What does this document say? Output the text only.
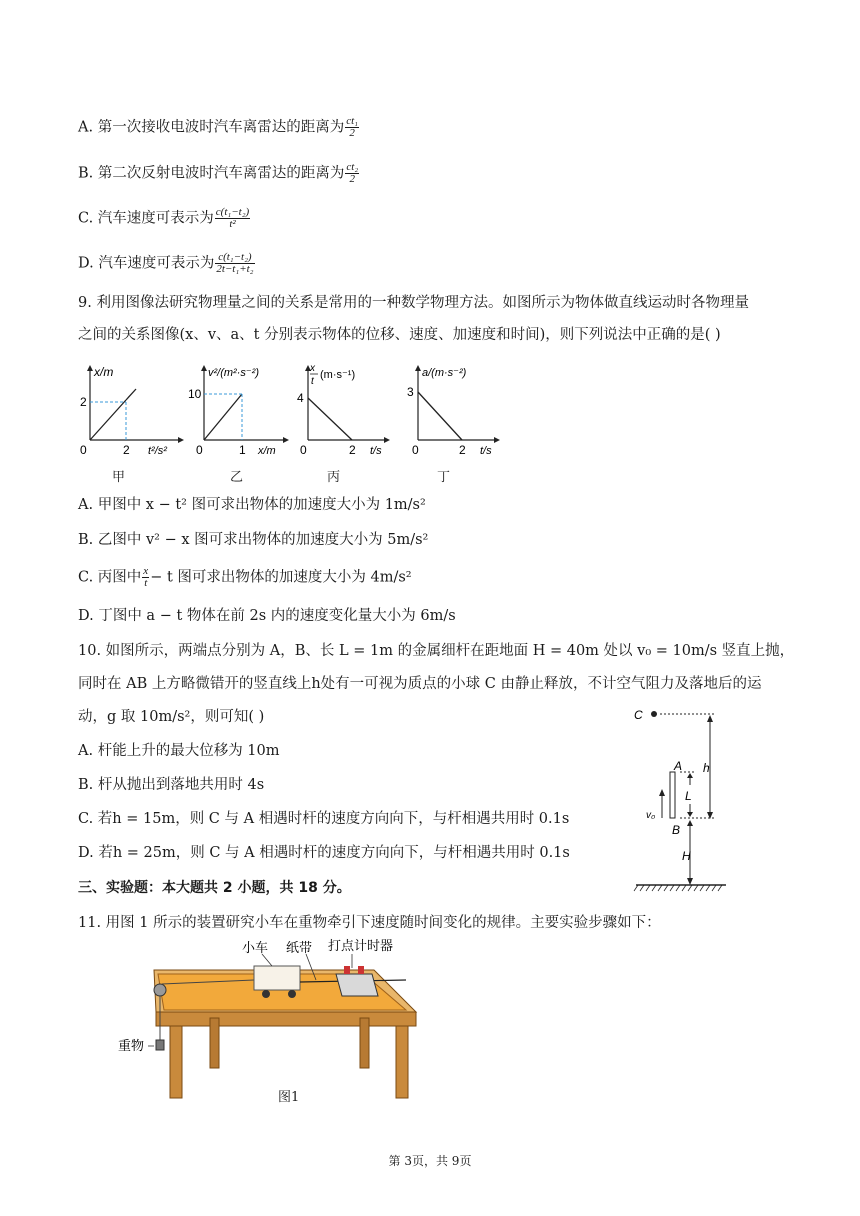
A. 第一次接收电波时汽车离雷达的距离为 $\frac{\text{ct₁}}{2}$
B. 第二次反射电波时汽车离雷达的距离为 $\frac{\text{ct₂}}{2}$
C. 汽车速度可表示为 $\frac{\text{c(t₁−t₂)}}{\text{t²}}$
D. 汽车速度可表示为 $\frac{\text{c(t₁−t₂)}}{\text{2t−t₁+t₂}}$
9. 利用图像法研究物理量之间的关系是常用的一种数学物理方法。如图所示为物体做直线运动时各物理量
之间的关系图像(x、v、a、t 分别表示物体的位移、速度、加速度和时间)，则下列说法中正确的是( )
x/m
2
0	2 t²/s²
甲
v²/(m²·s⁻²)
10
0	1 x/m
乙
x
t
(m·s⁻¹)
4
0	2 t/s
丙
a/(m·s⁻²)
3
0	2 t/s
丁
A. 甲图中 x − t² 图可求出物体的加速度大小为 1m/s²
B. 乙图中 v² − x 图可求出物体的加速度大小为 5m/s²
C. 丙图中 $\frac{x}{t} - t$ 图可求出物体的加速度大小为 4m/s²
D. 丁图中 a − t 物体在前 2s 内的速度变化量大小为 6m/s
10. 如图所示，两端点分别为 A，B、长 L = 1m 的金属细杆在距地面 H = 40m 处以 v₀ = 10m/s 竖直上抛，
同时在 AB 上方略微错开的竖直线上h处有一可视为质点的小球 C 由静止释放，不计空气阻力及落地后的运
动，g 取 10m/s²，则可知( )
A. 杆能上升的最大位移为 10m
B. 杆从抛出到落地共用时 4s
C. 若h = 15m，则 C 与 A 相遇时杆的速度方向向下，与杆相遇共用时 0.1s
D. 若h = 25m，则 C 与 A 相遇时杆的速度方向向下，与杆相遇共用时 0.1s
C
h
A
B
L
v₀
H
三、实验题：本大题共 2 小题，共 18 分。
11. 用图 1 所示的装置研究小车在重物牵引下速度随时间变化的规律。主要实验步骤如下：
小车 纸带 打点计时器
重物
图1
第 3页，共 9页
